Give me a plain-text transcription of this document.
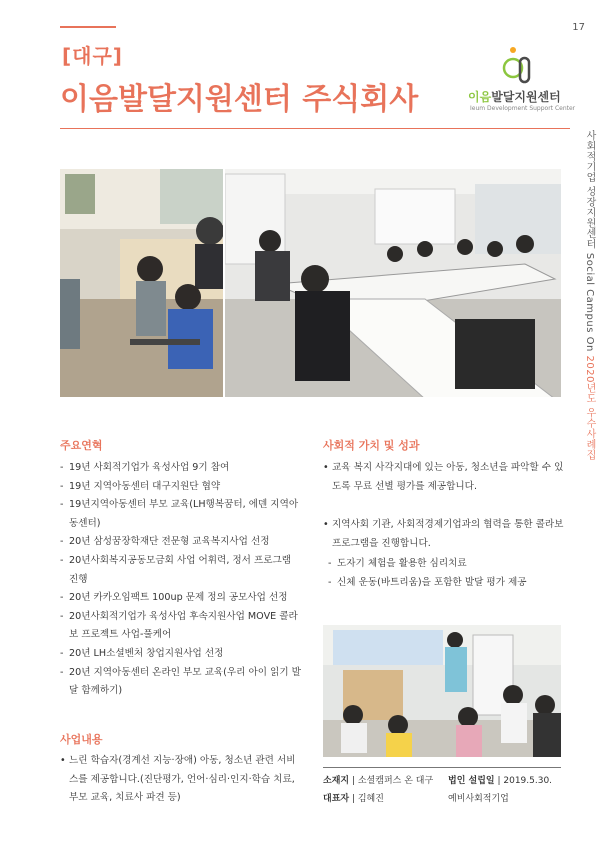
17
[대구]
이음발달지원센터 주식회사	이음발달지원센터
Ieum Development Support Center
사회적기업 성장지원센터 Social Campus On 2020년도 우수사례집
주요연혁
- 19년 사회적기업가 육성사업 9기 참여
- 19년 지역아동센터 대구지원단 협약
- 19년지역아동센터 부모 교육(LH행복꿈터, 에덴 지역아동센터)
- 20년 삼성꿈장학재단 전문형 교육복지사업 선정
- 20년사회복지공동모금회 사업 어휘력, 정서 프로그램 진행
- 20년 카카오임팩트 100up 문제 정의 공모사업 선정
- 20년사회적기업가 육성사업 후속지원사업 MOVE 콜라보 프로젝트 사업-풀케어
- 20년 LH소셜벤처 창업지원사업 선정
- 20년 지역아동센터 온라인 부모 교육(우리 아이 읽기 발달 함께하기)
사업내용
• 느린 학습자(경계선 지능·장애) 아동, 청소년 관련 서비스를 제공합니다.(진단평가, 언어·심리·인지·학습 치료, 부모 교육, 치료사 파견 등)
사회적 가치 및 성과
• 교육 복지 사각지대에 있는 아동, 청소년을 파악할 수 있도록 무료 선별 평가를 제공합니다.
• 지역사회 기관, 사회적경제기업과의 협력을 통한 콜라보 프로그램을 진행합니다.
- 도자기 체험을 활용한 심리치료
- 신체 운동(바트리움)을 포함한 발달 평가 제공
소재지 | 소셜캠퍼스 온 대구
대표자 | 김혜진
법인 설립일 | 2019.5.30.
예비사회적기업
